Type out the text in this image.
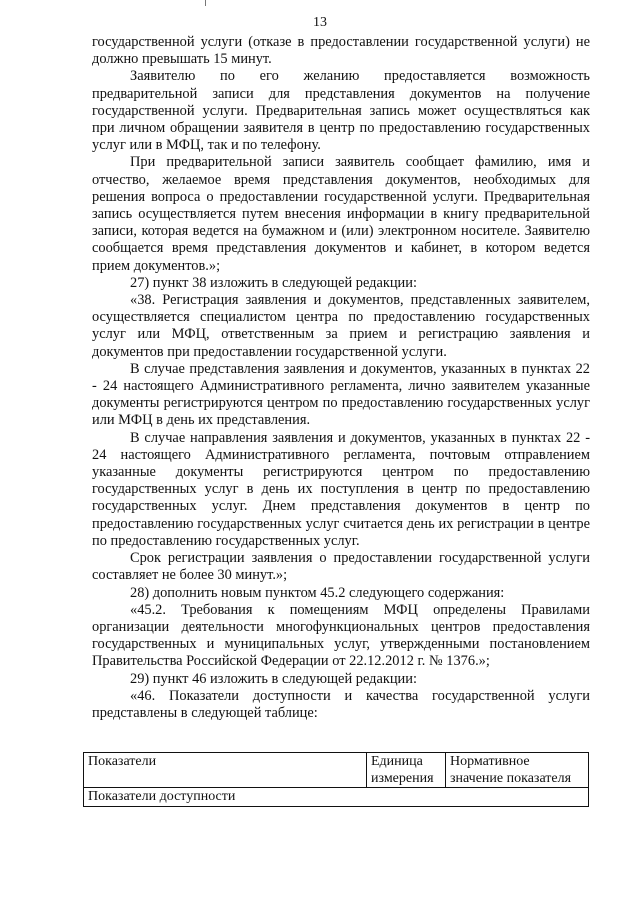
13

государственной услуги (отказе в предоставлении государственной услуги) не должно превышать 15 минут.

Заявителю по его желанию предоставляется возможность предварительной записи для представления документов на получение государственной услуги. Предварительная запись может осуществляться как при личном обращении заявителя в центр по предоставлению государственных услуг или в МФЦ, так и по телефону.

При предварительной записи заявитель сообщает фамилию, имя и отчество, желаемое время представления документов, необходимых для решения вопроса о предоставлении государственной услуги. Предварительная запись осуществляется путем внесения информации в книгу предварительной записи, которая ведется на бумажном и (или) электронном носителе. Заявителю сообщается время представления документов и кабинет, в котором ведется прием документов.»;

27) пункт 38 изложить в следующей редакции:

«38. Регистрация заявления и документов, представленных заявителем, осуществляется специалистом центра по предоставлению государственных услуг или МФЦ, ответственным за прием и регистрацию заявления и документов при предоставлении государственной услуги.

В случае представления заявления и документов, указанных в пунктах 22 - 24 настоящего Административного регламента, лично заявителем указанные документы регистрируются центром по предоставлению государственных услуг или МФЦ в день их представления.

В случае направления заявления и документов, указанных в пунктах 22 - 24 настоящего Административного регламента, почтовым отправлением указанные документы регистрируются центром по предоставлению государственных услуг в день их поступления в центр по предоставлению государственных услуг. Днем представления документов в центр по предоставлению государственных услуг считается день их регистрации в центре по предоставлению государственных услуг.

Срок регистрации заявления о предоставлении государственной услуги составляет не более 30 минут.»;

28) дополнить новым пунктом 45.2 следующего содержания:

«45.2. Требования к помещениям МФЦ определены Правилами организации деятельности многофункциональных центров предоставления государственных и муниципальных услуг, утвержденными постановлением Правительства Российской Федерации от 22.12.2012 г. № 1376.»;

29) пункт 46 изложить в следующей редакции:

«46. Показатели доступности и качества государственной услуги представлены в следующей таблице:

Показатели	Единица измерения	Нормативное значение показателя
Показатели доступности
